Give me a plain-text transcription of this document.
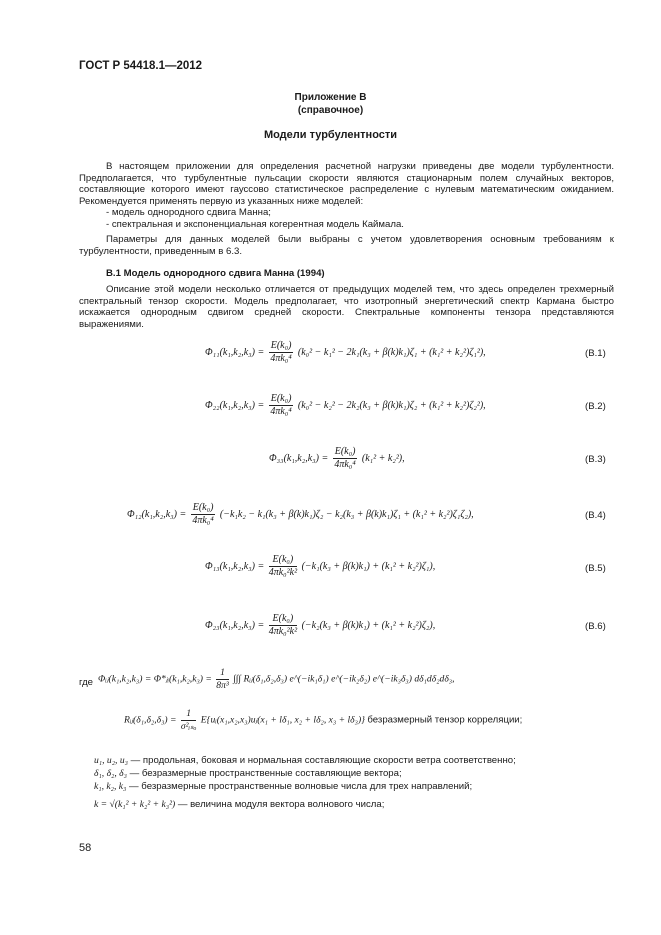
ГОСТ Р 54418.1—2012
Приложение В
(справочное)
Модели турбулентности
В настоящем приложении для определения расчетной нагрузки приведены две модели турбулентности. Предполагается, что турбулентные пульсации скорости являются стационарным полем случайных векторов, составляющие которого имеют гауссово статистическое распределение с нулевым математическим ожиданием. Рекомендуется применять первую из указанных ниже моделей:
- модель однородного сдвига Манна;
- спектральная и экспоненциальная когерентная модель Каймала.
Параметры для данных моделей были выбраны с учетом удовлетворения основным требованиям к турбулентности, приведенным в 6.3.
В.1 Модель однородного сдвига Манна (1994)
Описание этой модели несколько отличается от предыдущих моделей тем, что здесь определен трехмерный спектральный тензор скорости. Модель предполагает, что изотропный энергетический спектр Кармана быстро искажается однородным сдвигом средней скорости. Спектральные компоненты тензора представляются выражениями.
$\Phi_{11}(k_1,k_2,k_3) = \frac{\text{E(k₀)}}{\text{4πk₀⁴}} (k_0^2 - k_1^2 - 2k_1(k_3 + \beta(k)k_1)\zeta_1 + (k_1^2 + k_2^2)\zeta_1^2)$,	(В.1)
$\Phi_{22}(k_1,k_2,k_3) = \frac{\text{E(k₀)}}{\text{4πk₀⁴}} (k_0^2 - k_2^2 - 2k_2(k_3 + \beta(k)k_1)\zeta_2 + (k_1^2 + k_2^2)\zeta_2^2)$,	(В.2)
$\Phi_{33}(k_1,k_2,k_3) = \frac{\text{E(k₀)}}{\text{4πk₀⁴}} (k_1^2 + k_2^2)$,	(В.3)
$\Phi_{12}(k_1,k_2,k_3) = \frac{\text{E(k₀)}}{\text{4πk₀⁴}} (-k_1k_2 - k_1(k_3 + \beta(k)k_1)\zeta_2 - k_2(k_3 + \beta(k)k_1)\zeta_1 + (k_1^2 + k_2^2)\zeta_1\zeta_2)$,	(В.4)
$\Phi_{13}(k_1,k_2,k_3) = \frac{\text{E(k₀)}}{\text{4πk₀²k²}} (-k_1(k_3 + \beta(k)k_1) + (k_1^2 + k_2^2)\zeta_1)$,	(В.5)
$\Phi_{23}(k_1,k_2,k_3) = \frac{\text{E(k₀)}}{\text{4πk₀²k²}} (-k_2(k_3 + \beta(k)k_1) + (k_1^2 + k_2^2)\zeta_2)$,	(В.6)
где Φᵢⱼ(k₁,k₂,k₃) = Φ*ⱼᵢ(k₁,k₂,k₃) = $\frac{1}{\text{8π³}}$ ∫∫∫ Rᵢⱼ(δ₁,δ₂,δ₃) e^(−ik₁δ₁) e^(−ik₂δ₂) e^(−ik₃δ₃) dδ₁dδ₂dδ₃,
Rᵢⱼ(δ₁,δ₂,δ₃) = $\frac{1}{\text{σ²ᵢₛₒ}}$ E{uᵢ(x₁,x₂,x₃)uⱼ(x₁ + lδ₁, x₂ + lδ₂, x₃ + lδ₃)} безразмерный тензор корреляции;
u₁, u₂, u₃ — продольная, боковая и нормальная составляющие скорости ветра соответственно;
δ₁, δ₂, δ₃ — безразмерные пространственные составляющие вектора;
k₁, k₂, k₃ — безразмерные пространственные волновые числа для трех направлений;
k = √(k₁² + k₂² + k₃²) — величина модуля вектора волнового числа;
58
